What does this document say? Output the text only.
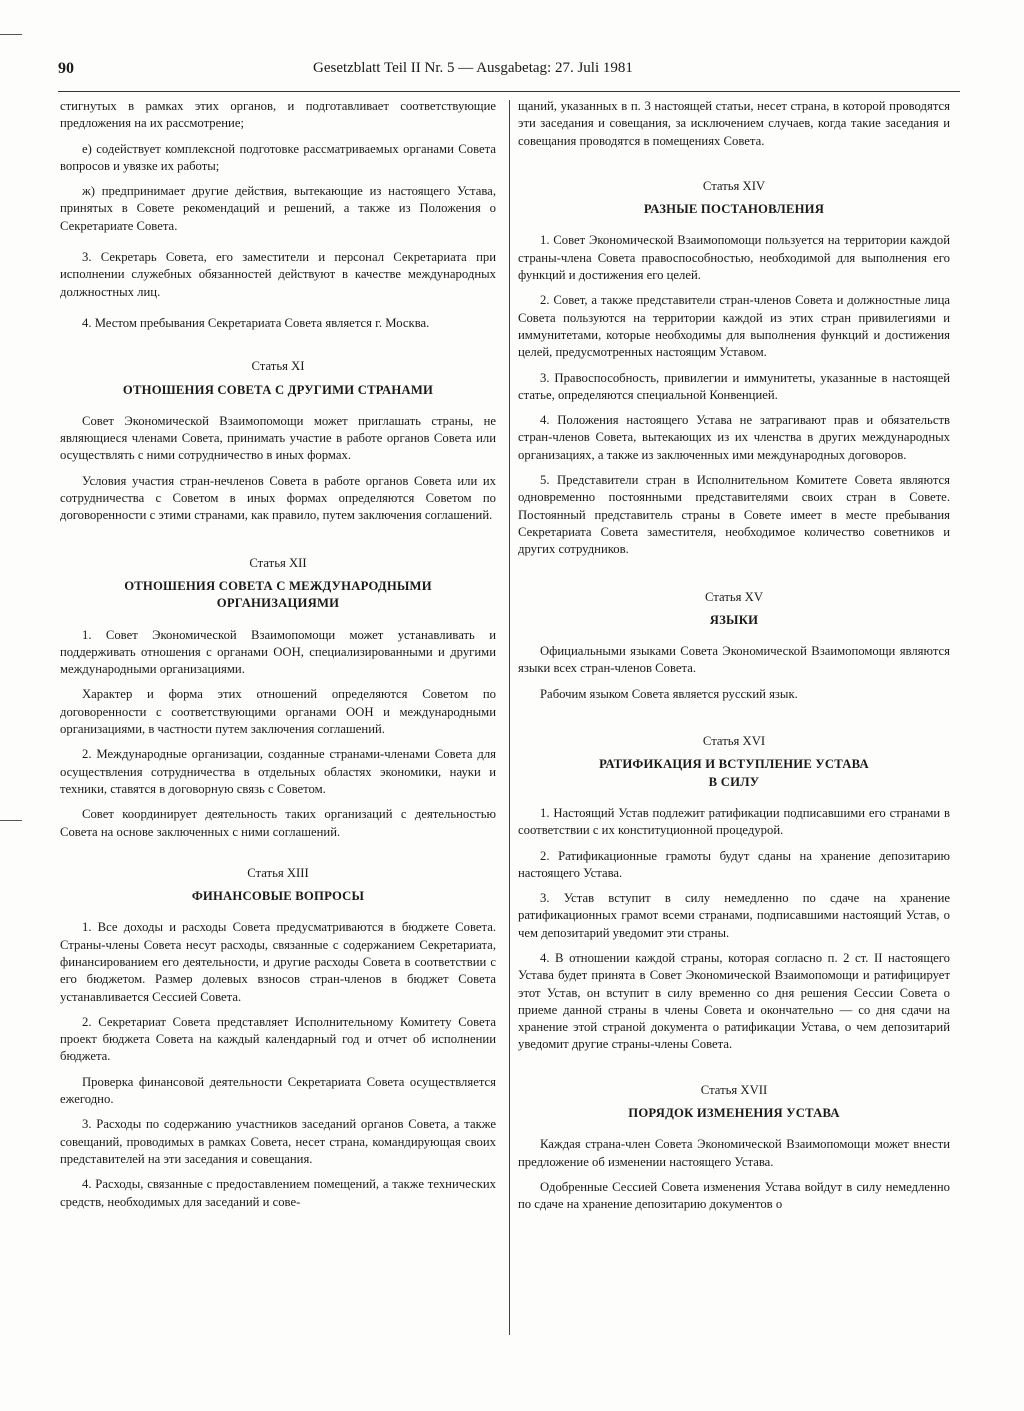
90	Gesetzblatt Teil II Nr. 5 — Ausgabetag: 27. Juli 1981

стигнутых в рамках этих органов, и подготавливает соответствующие предложения на их рассмотрение;

е) содействует комплексной подготовке рассматриваемых органами Совета вопросов и увязке их работы;

ж) предпринимает другие действия, вытекающие из настоящего Устава, принятых в Совете рекомендаций и решений, а также из Положения о Секретариате Совета.

3. Секретарь Совета, его заместители и персонал Секретариата при исполнении служебных обязанностей действуют в качестве международных должностных лиц.

4. Местом пребывания Секретариата Совета является г. Москва.

Статья XI
ОТНОШЕНИЯ СОВЕТА С ДРУГИМИ СТРАНАМИ

Совет Экономической Взаимопомощи может приглашать страны, не являющиеся членами Совета, принимать участие в работе органов Совета или осуществлять с ними сотрудничество в иных формах.

Условия участия стран-нечленов Совета в работе органов Совета или их сотрудничества с Советом в иных формах определяются Советом по договоренности с этими странами, как правило, путем заключения соглашений.

Статья XII
ОТНОШЕНИЯ СОВЕТА С МЕЖДУНАРОДНЫМИ ОРГАНИЗАЦИЯМИ

1. Совет Экономической Взаимопомощи может устанавливать и поддерживать отношения с органами ООН, специализированными и другими международными организациями.

Характер и форма этих отношений определяются Советом по договоренности с соответствующими органами ООН и международными организациями, в частности путем заключения соглашений.

2. Международные организации, созданные странами-членами Совета для осуществления сотрудничества в отдельных областях экономики, науки и техники, ставятся в договорную связь с Советом.

Совет координирует деятельность таких организаций с деятельностью Совета на основе заключенных с ними соглашений.

Статья XIII
ФИНАНСОВЫЕ ВОПРОСЫ

1. Все доходы и расходы Совета предусматриваются в бюджете Совета. Страны-члены Совета несут расходы, связанные с содержанием Секретариата, финансированием его деятельности, и другие расходы Совета в соответствии с его бюджетом. Размер долевых взносов стран-членов в бюджет Совета устанавливается Сессией Совета.

2. Секретариат Совета представляет Исполнительному Комитету Совета проект бюджета Совета на каждый календарный год и отчет об исполнении бюджета.

Проверка финансовой деятельности Секретариата Совета осуществляется ежегодно.

3. Расходы по содержанию участников заседаний органов Совета, а также совещаний, проводимых в рамках Совета, несет страна, командирующая своих представителей на эти заседания и совещания.

4. Расходы, связанные с предоставлением помещений, а также технических средств, необходимых для заседаний и сове-

щаний, указанных в п. 3 настоящей статьи, несет страна, в которой проводятся эти заседания и совещания, за исключением случаев, когда такие заседания и совещания проводятся в помещениях Совета.

Статья XIV
РАЗНЫЕ ПОСТАНОВЛЕНИЯ

1. Совет Экономической Взаимопомощи пользуется на территории каждой страны-члена Совета правоспособностью, необходимой для выполнения его функций и достижения его целей.

2. Совет, а также представители стран-членов Совета и должностные лица Совета пользуются на территории каждой из этих стран привилегиями и иммунитетами, которые необходимы для выполнения функций и достижения целей, предусмотренных настоящим Уставом.

3. Правоспособность, привилегии и иммунитеты, указанные в настоящей статье, определяются специальной Конвенцией.

4. Положения настоящего Устава не затрагивают прав и обязательств стран-членов Совета, вытекающих из их членства в других международных организациях, а также из заключенных ими международных договоров.

5. Представители стран в Исполнительном Комитете Совета являются одновременно постоянными представителями своих стран в Совете. Постоянный представитель страны в Совете имеет в месте пребывания Секретариата Совета заместителя, необходимое количество советников и других сотрудников.

Статья XV
ЯЗЫКИ

Официальными языками Совета Экономической Взаимопомощи являются языки всех стран-членов Совета.

Рабочим языком Совета является русский язык.

Статья XVI
РАТИФИКАЦИЯ И ВСТУПЛЕНИЕ УСТАВА В СИЛУ

1. Настоящий Устав подлежит ратификации подписавшими его странами в соответствии с их конституционной процедурой.

2. Ратификационные грамоты будут сданы на хранение депозитарию настоящего Устава.

3. Устав вступит в силу немедленно по сдаче на хранение ратификационных грамот всеми странами, подписавшими настоящий Устав, о чем депозитарий уведомит эти страны.

4. В отношении каждой страны, которая согласно п. 2 ст. II настоящего Устава будет принята в Совет Экономической Взаимопомощи и ратифицирует этот Устав, он вступит в силу временно со дня решения Сессии Совета о приеме данной страны в члены Совета и окончательно — со дня сдачи на хранение этой страной документа о ратификации Устава, о чем депозитарий уведомит другие страны-члены Совета.

Статья XVII
ПОРЯДОК ИЗМЕНЕНИЯ УСТАВА

Каждая страна-член Совета Экономической Взаимопомощи может внести предложение об изменении настоящего Устава.

Одобренные Сессией Совета изменения Устава войдут в силу немедленно по сдаче на хранение депозитарию документов о
